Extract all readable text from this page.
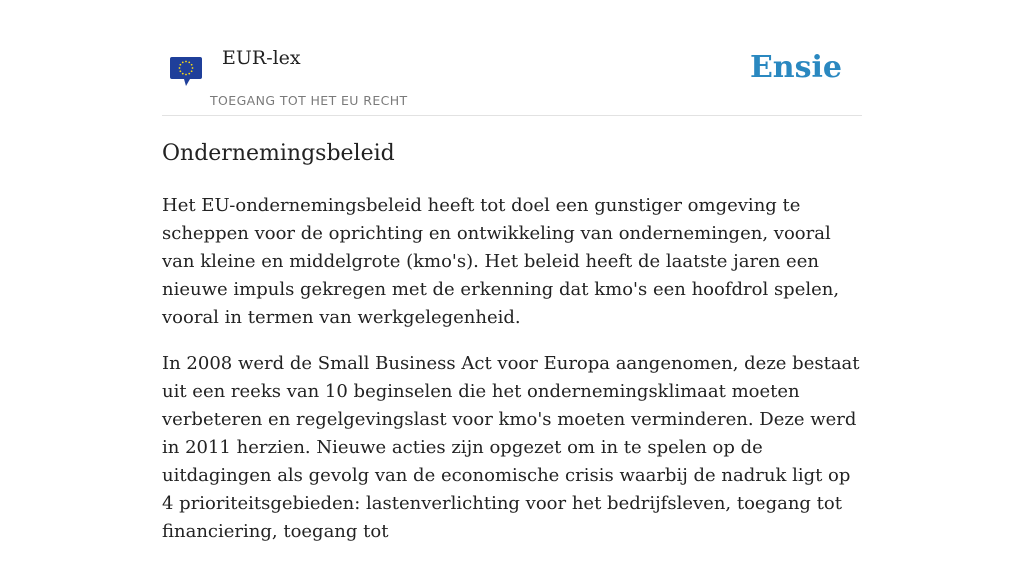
EUR-lex
TOEGANG TOT HET EU RECHT
Ensie
Ondernemingsbeleid

Het EU-ondernemingsbeleid heeft tot doel een gunstiger omgeving te scheppen voor de oprichting en ontwikkeling van ondernemingen, vooral van kleine en middelgrote (kmo's). Het beleid heeft de laatste jaren een nieuwe impuls gekregen met de erkenning dat kmo's een hoofdrol spelen, vooral in termen van werkgelegenheid.

In 2008 werd de Small Business Act voor Europa aangenomen, deze bestaat uit een reeks van 10 beginselen die het ondernemingsklimaat moeten verbeteren en regelgevingslast voor kmo's moeten verminderen. Deze werd in 2011 herzien. Nieuwe acties zijn opgezet om in te spelen op de uitdagingen als gevolg van de economische crisis waarbij de nadruk ligt op 4 prioriteitsgebieden: lastenverlichting voor het bedrijfsleven, toegang tot financiering, toegang tot
